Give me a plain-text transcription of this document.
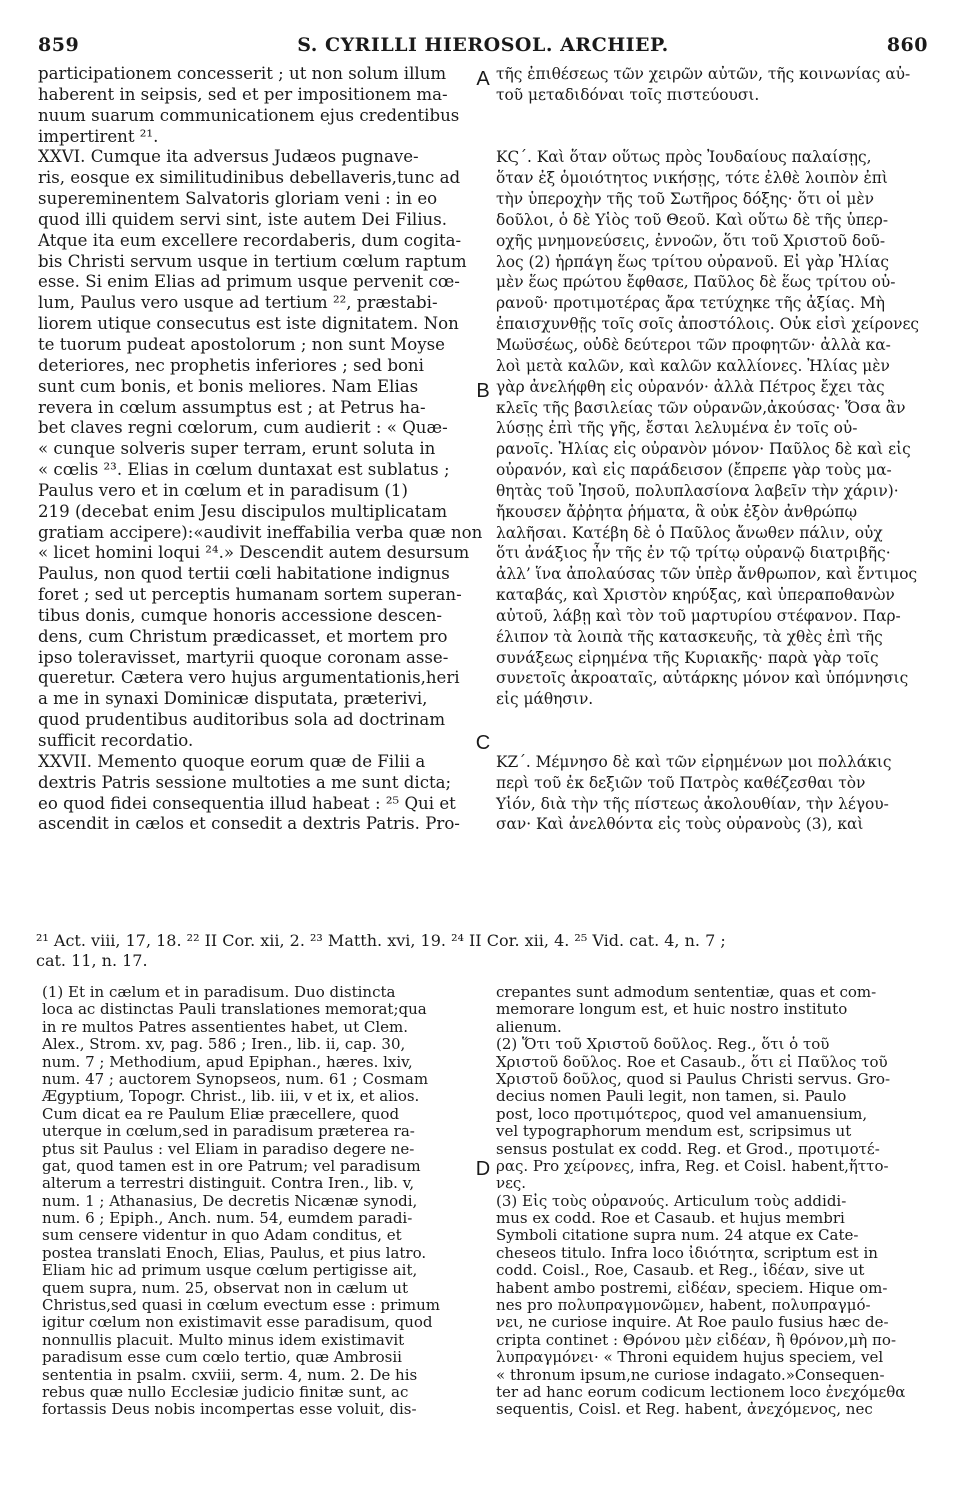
859	S. CYRILLI HIEROSOL. ARCHIEP.	860
participationem concesserit ; ut non solum illum
haberent in seipsis, sed et per impositionem ma-
nuum suarum communicationem ejus credentibus
impertirent ²¹.
XXVI. Cumque ita adversus Judæos pugnave-
ris, eosque ex similitudinibus debellaveris,tunc ad
supereminentem Salvatoris gloriam veni : in eo
quod illi quidem servi sint, iste autem Dei Filius.
Atque ita eum excellere recordaberis, dum cogita-
bis Christi servum usque in tertium cœlum raptum
esse. Si enim Elias ad primum usque pervenit cœ-
lum, Paulus vero usque ad tertium ²², præstabi-
liorem utique consecutus est iste dignitatem. Non
te tuorum pudeat apostolorum ; non sunt Moyse
deteriores, nec prophetis inferiores ; sed boni
sunt cum bonis, et bonis meliores. Nam Elias
revera in cœlum assumptus est ; at Petrus ha-
bet claves regni cœlorum, cum audierit : « Quæ-
« cunque solveris super terram, erunt soluta in
« cœlis ²³. Elias in cœlum duntaxat est sublatus ;
Paulus vero et in cœlum et in paradisum (1)
219 (decebat enim Jesu discipulos multiplicatam
gratiam accipere):«audivit ineffabilia verba quæ non
« licet homini loqui ²⁴.» Descendit autem desursum
Paulus, non quod tertii cœli habitatione indignus
foret ; sed ut perceptis humanam sortem superan-
tibus donis, cumque honoris accessione descen-
dens, cum Christum prædicasset, et mortem pro
ipso toleravisset, martyrii quoque coronam asse-
queretur. Cætera vero hujus argumentationis,heri
a me in synaxi Dominicæ disputata, præterivi,
quod prudentibus auditoribus sola ad doctrinam
sufficit recordatio.
XXVII. Memento quoque eorum quæ de Filii a
dextris Patris sessione multoties a me sunt dicta;
eo quod fidei consequentia illud habeat : ²⁵ Qui et
ascendit in cælos et consedit a dextris Patris. Pro-
τῆς ἐπιθέσεως τῶν χειρῶν αὐτῶν, τῆς κοινωνίας αὐ-
τοῦ μεταδιδόναι τοῖς πιστεύουσι.
ΚϚ΄. Καὶ ὅταν οὕτως πρὸς Ἰουδαίους παλαίσῃς,
ὅταν ἐξ ὁμοιότητος νικήσῃς, τότε ἐλθὲ λοιπὸν ἐπὶ
τὴν ὑπεροχὴν τῆς τοῦ Σωτῆρος δόξης· ὅτι οἱ μὲν
δοῦλοι, ὁ δὲ Υἱὸς τοῦ Θεοῦ. Καὶ οὕτω δὲ τῆς ὑπερ-
οχῆς μνημονεύσεις, ἐννοῶν, ὅτι τοῦ Χριστοῦ δοῦ-
λος (2) ἡρπάγη ἕως τρίτου οὐρανοῦ. Εἰ γὰρ Ἠλίας
μὲν ἕως πρώτου ἔφθασε, Παῦλος δὲ ἕως τρίτου οὐ-
ρανοῦ· προτιμοτέρας ἄρα τετύχηκε τῆς ἀξίας. Μὴ
ἐπαισχυνθῇς τοῖς σοῖς ἀποστόλοις. Οὐκ εἰσὶ χείρονες
Μωϋσέως, οὐδὲ δεύτεροι τῶν προφητῶν· ἀλλὰ κα-
λοὶ μετὰ καλῶν, καὶ καλῶν καλλίονες. Ἠλίας μὲν
γὰρ ἀνελήφθη εἰς οὐρανόν· ἀλλὰ Πέτρος ἔχει τὰς
κλεῖς τῆς βασιλείας τῶν οὐρανῶν,ἀκούσας· Ὅσα ἂν
λύσῃς ἐπὶ τῆς γῆς, ἔσται λελυμένα ἐν τοῖς οὐ-
ρανοῖς. Ἠλίας εἰς οὐρανὸν μόνον· Παῦλος δὲ καὶ εἰς
οὐρανόν, καὶ εἰς παράδεισον (ἔπρεπε γὰρ τοὺς μα-
θητὰς τοῦ Ἰησοῦ, πολυπλασίονα λαβεῖν τὴν χάριν)·
ἤκουσεν ἄῤῥητα ῥήματα, ἃ οὐκ ἐξὸν ἀνθρώπῳ
λαλῆσαι. Κατέβη δὲ ὁ Παῦλος ἄνωθεν πάλιν, οὐχ
ὅτι ἀνάξιος ἦν τῆς ἐν τῷ τρίτῳ οὐρανῷ διατριβῆς·
ἀλλ’ ἵνα ἀπολαύσας τῶν ὑπὲρ ἄνθρωπον, καὶ ἔντιμος
καταβάς, καὶ Χριστὸν κηρύξας, καὶ ὑπεραποθανὼν
αὐτοῦ, λάβῃ καὶ τὸν τοῦ μαρτυρίου στέφανον. Παρ-
έλιπον τὰ λοιπὰ τῆς κατασκευῆς, τὰ χθὲς ἐπὶ τῆς
συνάξεως εἰρημένα τῆς Κυριακῆς· παρὰ γὰρ τοῖς
συνετοῖς ἀκροαταῖς, αὐτάρκης μόνον καὶ ὑπόμνησις
εἰς μάθησιν.
ΚΖ΄. Μέμνησο δὲ καὶ τῶν εἰρημένων μοι πολλάκις
περὶ τοῦ ἐκ δεξιῶν τοῦ Πατρὸς καθέζεσθαι τὸν
Υἱόν, διὰ τὴν τῆς πίστεως ἀκολουθίαν, τὴν λέγου-
σαν· Καὶ ἀνελθόντα εἰς τοὺς οὐρανοὺς (3), καὶ
A
B
C
D
²¹ Act. viii, 17, 18. ²² II Cor. xii, 2. ²³ Matth. xvi, 19. ²⁴ II Cor. xii, 4. ²⁵ Vid. cat. 4, n. 7 ;
cat. 11, n. 17.
(1) Et in cælum et in paradisum. Duo distincta
loca ac distinctas Pauli translationes memorat;qua
in re multos Patres assentientes habet, ut Clem.
Alex., Strom. xv, pag. 586 ; Iren., lib. ii, cap. 30,
num. 7 ; Methodium, apud Epiphan., hæres. lxiv,
num. 47 ; auctorem Synopseos, num. 61 ; Cosmam
Ægyptium, Topogr. Christ., lib. iii, v et ix, et alios.
Cum dicat ea re Paulum Eliæ præcellere, quod
uterque in cœlum,sed in paradisum præterea ra-
ptus sit Paulus : vel Eliam in paradiso degere ne-
gat, quod tamen est in ore Patrum; vel paradisum
alterum a terrestri distinguit. Contra Iren., lib. v,
num. 1 ; Athanasius, De decretis Nicænæ synodi,
num. 6 ; Epiph., Anch. num. 54, eumdem paradi-
sum censere videntur in quo Adam conditus, et
postea translati Enoch, Elias, Paulus, et pius latro.
Eliam hic ad primum usque cœlum pertigisse ait,
quem supra, num. 25, observat non in cælum ut
Christus,sed quasi in cœlum evectum esse : primum
igitur cœlum non existimavit esse paradisum, quod
nonnullis placuit. Multo minus idem existimavit
paradisum esse cum cœlo tertio, quæ Ambrosii
sententia in psalm. cxviii, serm. 4, num. 2. De his
rebus quæ nullo Ecclesiæ judicio finitæ sunt, ac
fortassis Deus nobis incompertas esse voluit, dis-
crepantes sunt admodum sententiæ, quas et com-
memorare longum est, et huic nostro instituto
alienum.
(2) Ὅτι τοῦ Χριστοῦ δοῦλος. Reg., ὅτι ὁ τοῦ
Χριστοῦ δοῦλος. Roe et Casaub., ὅτι εἰ Παῦλος τοῦ
Χριστοῦ δοῦλος, quod si Paulus Christi servus. Gro-
decius nomen Pauli legit, non tamen, si. Paulo
post, loco προτιμότερος, quod vel amanuensium,
vel typographorum mendum est, scripsimus ut
sensus postulat ex codd. Reg. et Grod., προτιμοτέ-
ρας. Pro χείρονες, infra, Reg. et Coisl. habent,ἥττο-
νες.
(3) Εἰς τοὺς οὐρανούς. Articulum τοὺς addidi-
mus ex codd. Roe et Casaub. et hujus membri
Symboli citatione supra num. 24 atque ex Cate-
cheseos titulo. Infra loco ἰδιότητα, scriptum est in
codd. Coisl., Roe, Casaub. et Reg., ἰδέαν, sive ut
habent ambo postremi, εἰδέαν, speciem. Hique om-
nes pro πολυπραγμονῶμεν, habent, πολυπραγμό-
νει, ne curiose inquire. At Roe paulo fusius hæc de-
cripta continet : Θρόνου μὲν εἰδέαν, ἢ θρόνον,μὴ πο-
λυπραγμόνει· « Throni equidem hujus speciem, vel
« thronum ipsum,ne curiose indagato.»Consequen-
ter ad hanc eorum codicum lectionem loco ἐνεχόμεθα
sequentis, Coisl. et Reg. habent, ἀνεχόμενος, nec
